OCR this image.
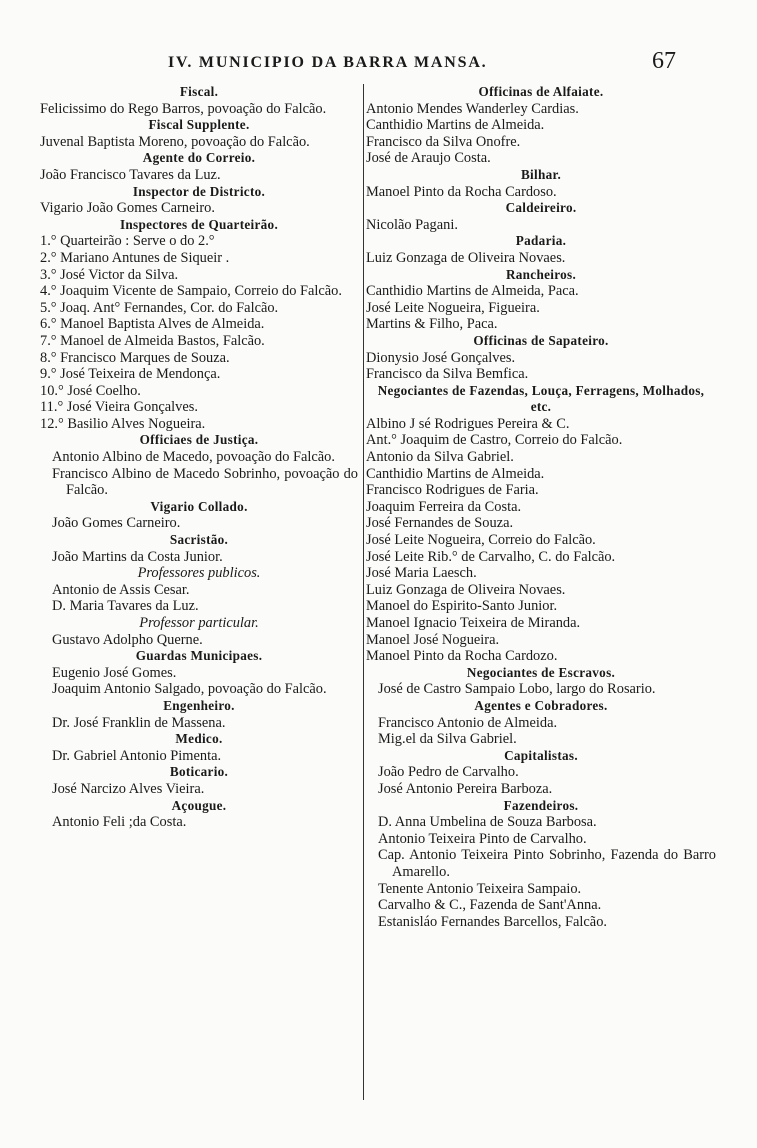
IV. MUNICIPIO DA BARRA MANSA.	67
Fiscal.
Felicissimo do Rego Barros, povoação do Falcão.
Fiscal Supplente.
Juvenal Baptista Moreno, povoação do Falcão.
Agente do Correio.
João Francisco Tavares da Luz.
Inspector de Districto.
Vigario João Gomes Carneiro.
Inspectores de Quarteirão.
1.° Quarteirão : Serve o do 2.°
2.° Mariano Antunes de Siqueir .
3.° José Victor da Silva.
4.° Joaquim Vicente de Sampaio, Correio do Falcão.
5.° Joaq. Ant° Fernandes, Cor. do Falcão.
6.° Manoel Baptista Alves de Almeida.
7.° Manoel de Almeida Bastos, Falcão.
8.° Francisco Marques de Souza.
9.° José Teixeira de Mendonça.
10.° José Coelho.
11.° José Vieira Gonçalves.
12.° Basilio Alves Nogueira.
Officiaes de Justiça.
Antonio Albino de Macedo, povoação do Falcão.
Francisco Albino de Macedo Sobrinho, povoação do Falcão.
Vigario Collado.
João Gomes Carneiro.
Sacristão.
João Martins da Costa Junior.
Professores publicos.
Antonio de Assis Cesar.
D. Maria Tavares da Luz.
Professor particular.
Gustavo Adolpho Querne.
Guardas Municipaes.
Eugenio José Gomes.
Joaquim Antonio Salgado, povoação do Falcão.
Engenheiro.
Dr. José Franklin de Massena.
Medico.
Dr. Gabriel Antonio Pimenta.
Boticario.
José Narcizo Alves Vieira.
Açougue.
Antonio Feli ;da Costa.
Officinas de Alfaiate.
Antonio Mendes Wanderley Cardias.
Canthidio Martins de Almeida.
Francisco da Silva Onofre.
José de Araujo Costa.
Bilhar.
Manoel Pinto da Rocha Cardoso.
Caldeireiro.
Nicolão Pagani.
Padaria.
Luiz Gonzaga de Oliveira Novaes.
Rancheiros.
Canthidio Martins de Almeida, Paca.
José Leite Nogueira, Figueira.
Martins & Filho, Paca.
Officinas de Sapateiro.
Dionysio José Gonçalves.
Francisco da Silva Bemfica.
Negociantes de Fazendas, Louça, Ferragens, Molhados, etc.
Albino J sé Rodrigues Pereira & C.
Ant.° Joaquim de Castro, Correio do Falcão.
Antonio da Silva Gabriel.
Canthidio Martins de Almeida.
Francisco Rodrigues de Faria.
Joaquim Ferreira da Costa.
José Fernandes de Souza.
José Leite Nogueira, Correio do Falcão.
José Leite Rib.° de Carvalho, C. do Falcão.
José Maria Laesch.
Luiz Gonzaga de Oliveira Novaes.
Manoel do Espirito-Santo Junior.
Manoel Ignacio Teixeira de Miranda.
Manoel José Nogueira.
Manoel Pinto da Rocha Cardozo.
Negociantes de Escravos.
José de Castro Sampaio Lobo, largo do Rosario.
Agentes e Cobradores.
Francisco Antonio de Almeida.
Mig.el da Silva Gabriel.
Capitalistas.
João Pedro de Carvalho.
José Antonio Pereira Barboza.
Fazendeiros.
D. Anna Umbelina de Souza Barbosa.
Antonio Teixeira Pinto de Carvalho.
Cap. Antonio Teixeira Pinto Sobrinho, Fazenda do Barro Amarello.
Tenente Antonio Teixeira Sampaio.
Carvalho & C., Fazenda de Sant'Anna.
Estanisláo Fernandes Barcellos, Falcão.
